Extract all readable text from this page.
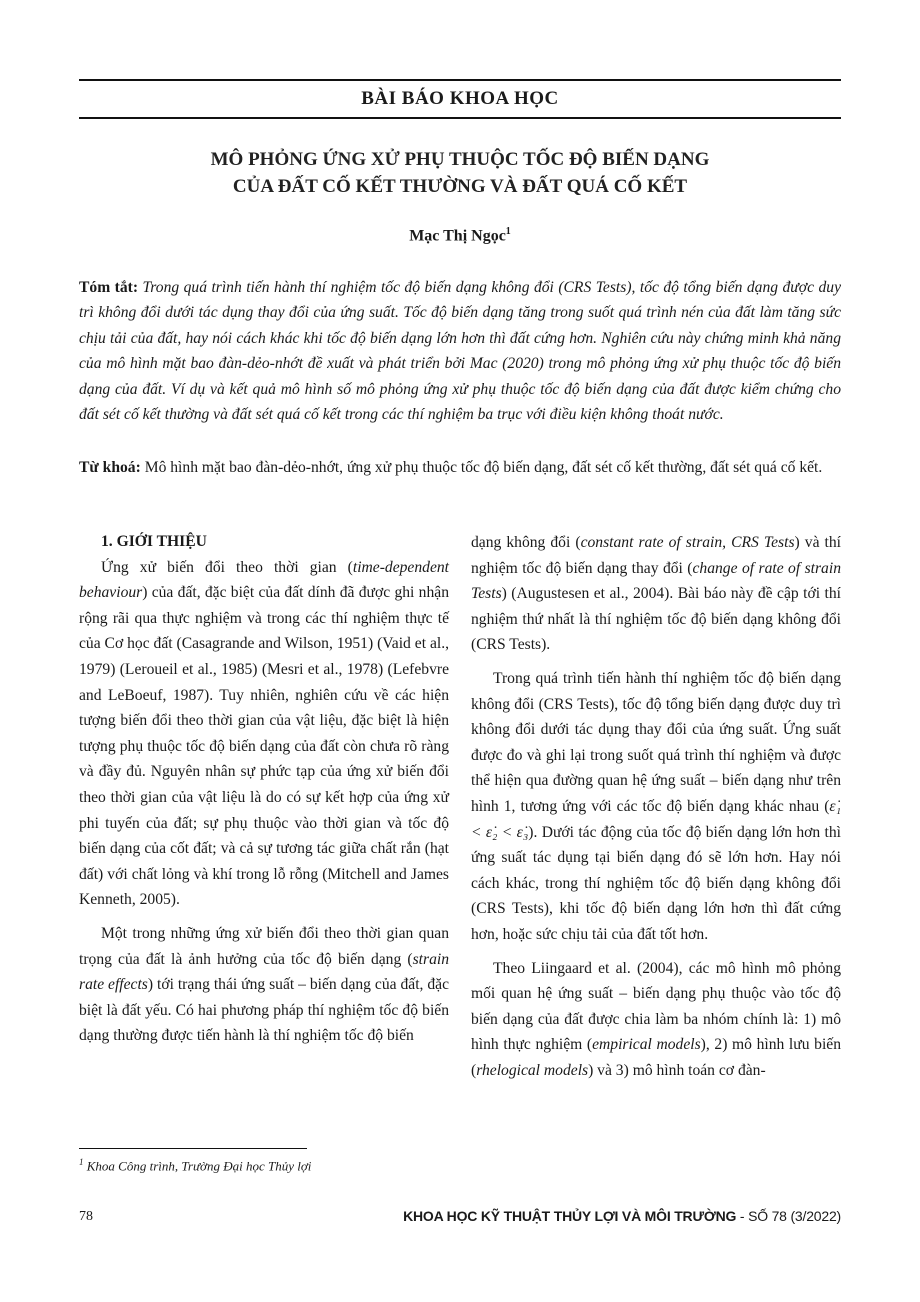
BÀI BÁO KHOA HỌC
MÔ PHỎNG ỨNG XỬ PHỤ THUỘC TỐC ĐỘ BIẾN DẠNG
CỦA ĐẤT CỐ KẾT THƯỜNG VÀ ĐẤT QUÁ CỐ KẾT
Mạc Thị Ngọc$^1$

Tóm tắt: Trong quá trình tiến hành thí nghiệm tốc độ biến dạng không đổi (CRS Tests), tốc độ tổng biến dạng được duy trì không đổi dưới tác dụng thay đổi của ứng suất. Tốc độ biến dạng tăng trong suốt quá trình nén của đất làm tăng sức chịu tải của đất, hay nói cách khác khi tốc độ biến dạng lớn hơn thì đất cứng hơn. Nghiên cứu này chứng minh khả năng của mô hình mặt bao đàn-dẻo-nhớt đề xuất và phát triển bởi Mac (2020) trong mô phỏng ứng xử phụ thuộc tốc độ biến dạng của đất. Ví dụ và kết quả mô hình số mô phỏng ứng xử phụ thuộc tốc độ biến dạng của đất được kiểm chứng cho đất sét cố kết thường và đất sét quá cố kết trong các thí nghiệm ba trục với điều kiện không thoát nước.

Từ khoá: Mô hình mặt bao đàn-dẻo-nhớt, ứng xử phụ thuộc tốc độ biến dạng, đất sét cố kết thường, đất sét quá cố kết.

1. GIỚI THIỆU

Ứng xử biến đổi theo thời gian (time-dependent behaviour) của đất, đặc biệt của đất dính đã được ghi nhận rộng rãi qua thực nghiệm và trong các thí nghiệm thực tế của Cơ học đất (Casagrande and Wilson, 1951) (Vaid et al., 1979) (Leroueil et al., 1985) (Mesri et al., 1978) (Lefebvre and LeBoeuf, 1987). Tuy nhiên, nghiên cứu về các hiện tượng biến đổi theo thời gian của vật liệu, đặc biệt là hiện tượng phụ thuộc tốc độ biến dạng của đất còn chưa rõ ràng và đầy đủ. Nguyên nhân sự phức tạp của ứng xử biến đổi theo thời gian của vật liệu là do có sự kết hợp của ứng xử phi tuyến của đất; sự phụ thuộc vào thời gian và tốc độ biến dạng của cốt đất; và cả sự tương tác giữa chất rắn (hạt đất) với chất lỏng và khí trong lỗ rỗng (Mitchell and James Kenneth, 2005).

Một trong những ứng xử biến đổi theo thời gian quan trọng của đất là ảnh hưởng của tốc độ biến dạng (strain rate effects) tới trạng thái ứng suất – biến dạng của đất, đặc biệt là đất yếu. Có hai phương pháp thí nghiệm tốc độ biến dạng thường được tiến hành là thí nghiệm tốc độ biến

dạng không đổi (constant rate of strain, CRS Tests) và thí nghiệm tốc độ biến dạng thay đổi (change of rate of strain Tests) (Augustesen et al., 2004). Bài báo này đề cập tới thí nghiệm thứ nhất là thí nghiệm tốc độ biến dạng không đổi (CRS Tests).

Trong quá trình tiến hành thí nghiệm tốc độ biến dạng không đổi (CRS Tests), tốc độ tổng biến dạng được duy trì không đổi dưới tác dụng thay đổi của ứng suất. Ứng suất được đo và ghi lại trong suốt quá trình thí nghiệm và được thể hiện qua đường quan hệ ứng suất – biến dạng như trên hình 1, tương ứng với các tốc độ biến dạng khác nhau (ε̇₁ < ε̇₂ < ε̇₃). Dưới tác động của tốc độ biến dạng lớn hơn thì ứng suất tác dụng tại biến dạng đó sẽ lớn hơn. Hay nói cách khác, trong thí nghiệm tốc độ biến dạng không đổi (CRS Tests), khi tốc độ biến dạng lớn hơn thì đất cứng hơn, hoặc sức chịu tải của đất tốt hơn.

Theo Liingaard et al. (2004), các mô hình mô phỏng mối quan hệ ứng suất – biến dạng phụ thuộc vào tốc độ biến dạng của đất được chia làm ba nhóm chính là: 1) mô hình thực nghiệm (empirical models), 2) mô hình lưu biến (rhelogical models) và 3) mô hình toán cơ đàn-

$^1$ Khoa Công trình, Trường Đại học Thủy lợi
78	KHOA HỌC KỸ THUẬT THỦY LỢI VÀ MÔI TRƯỜNG - SỐ 78 (3/2022)
